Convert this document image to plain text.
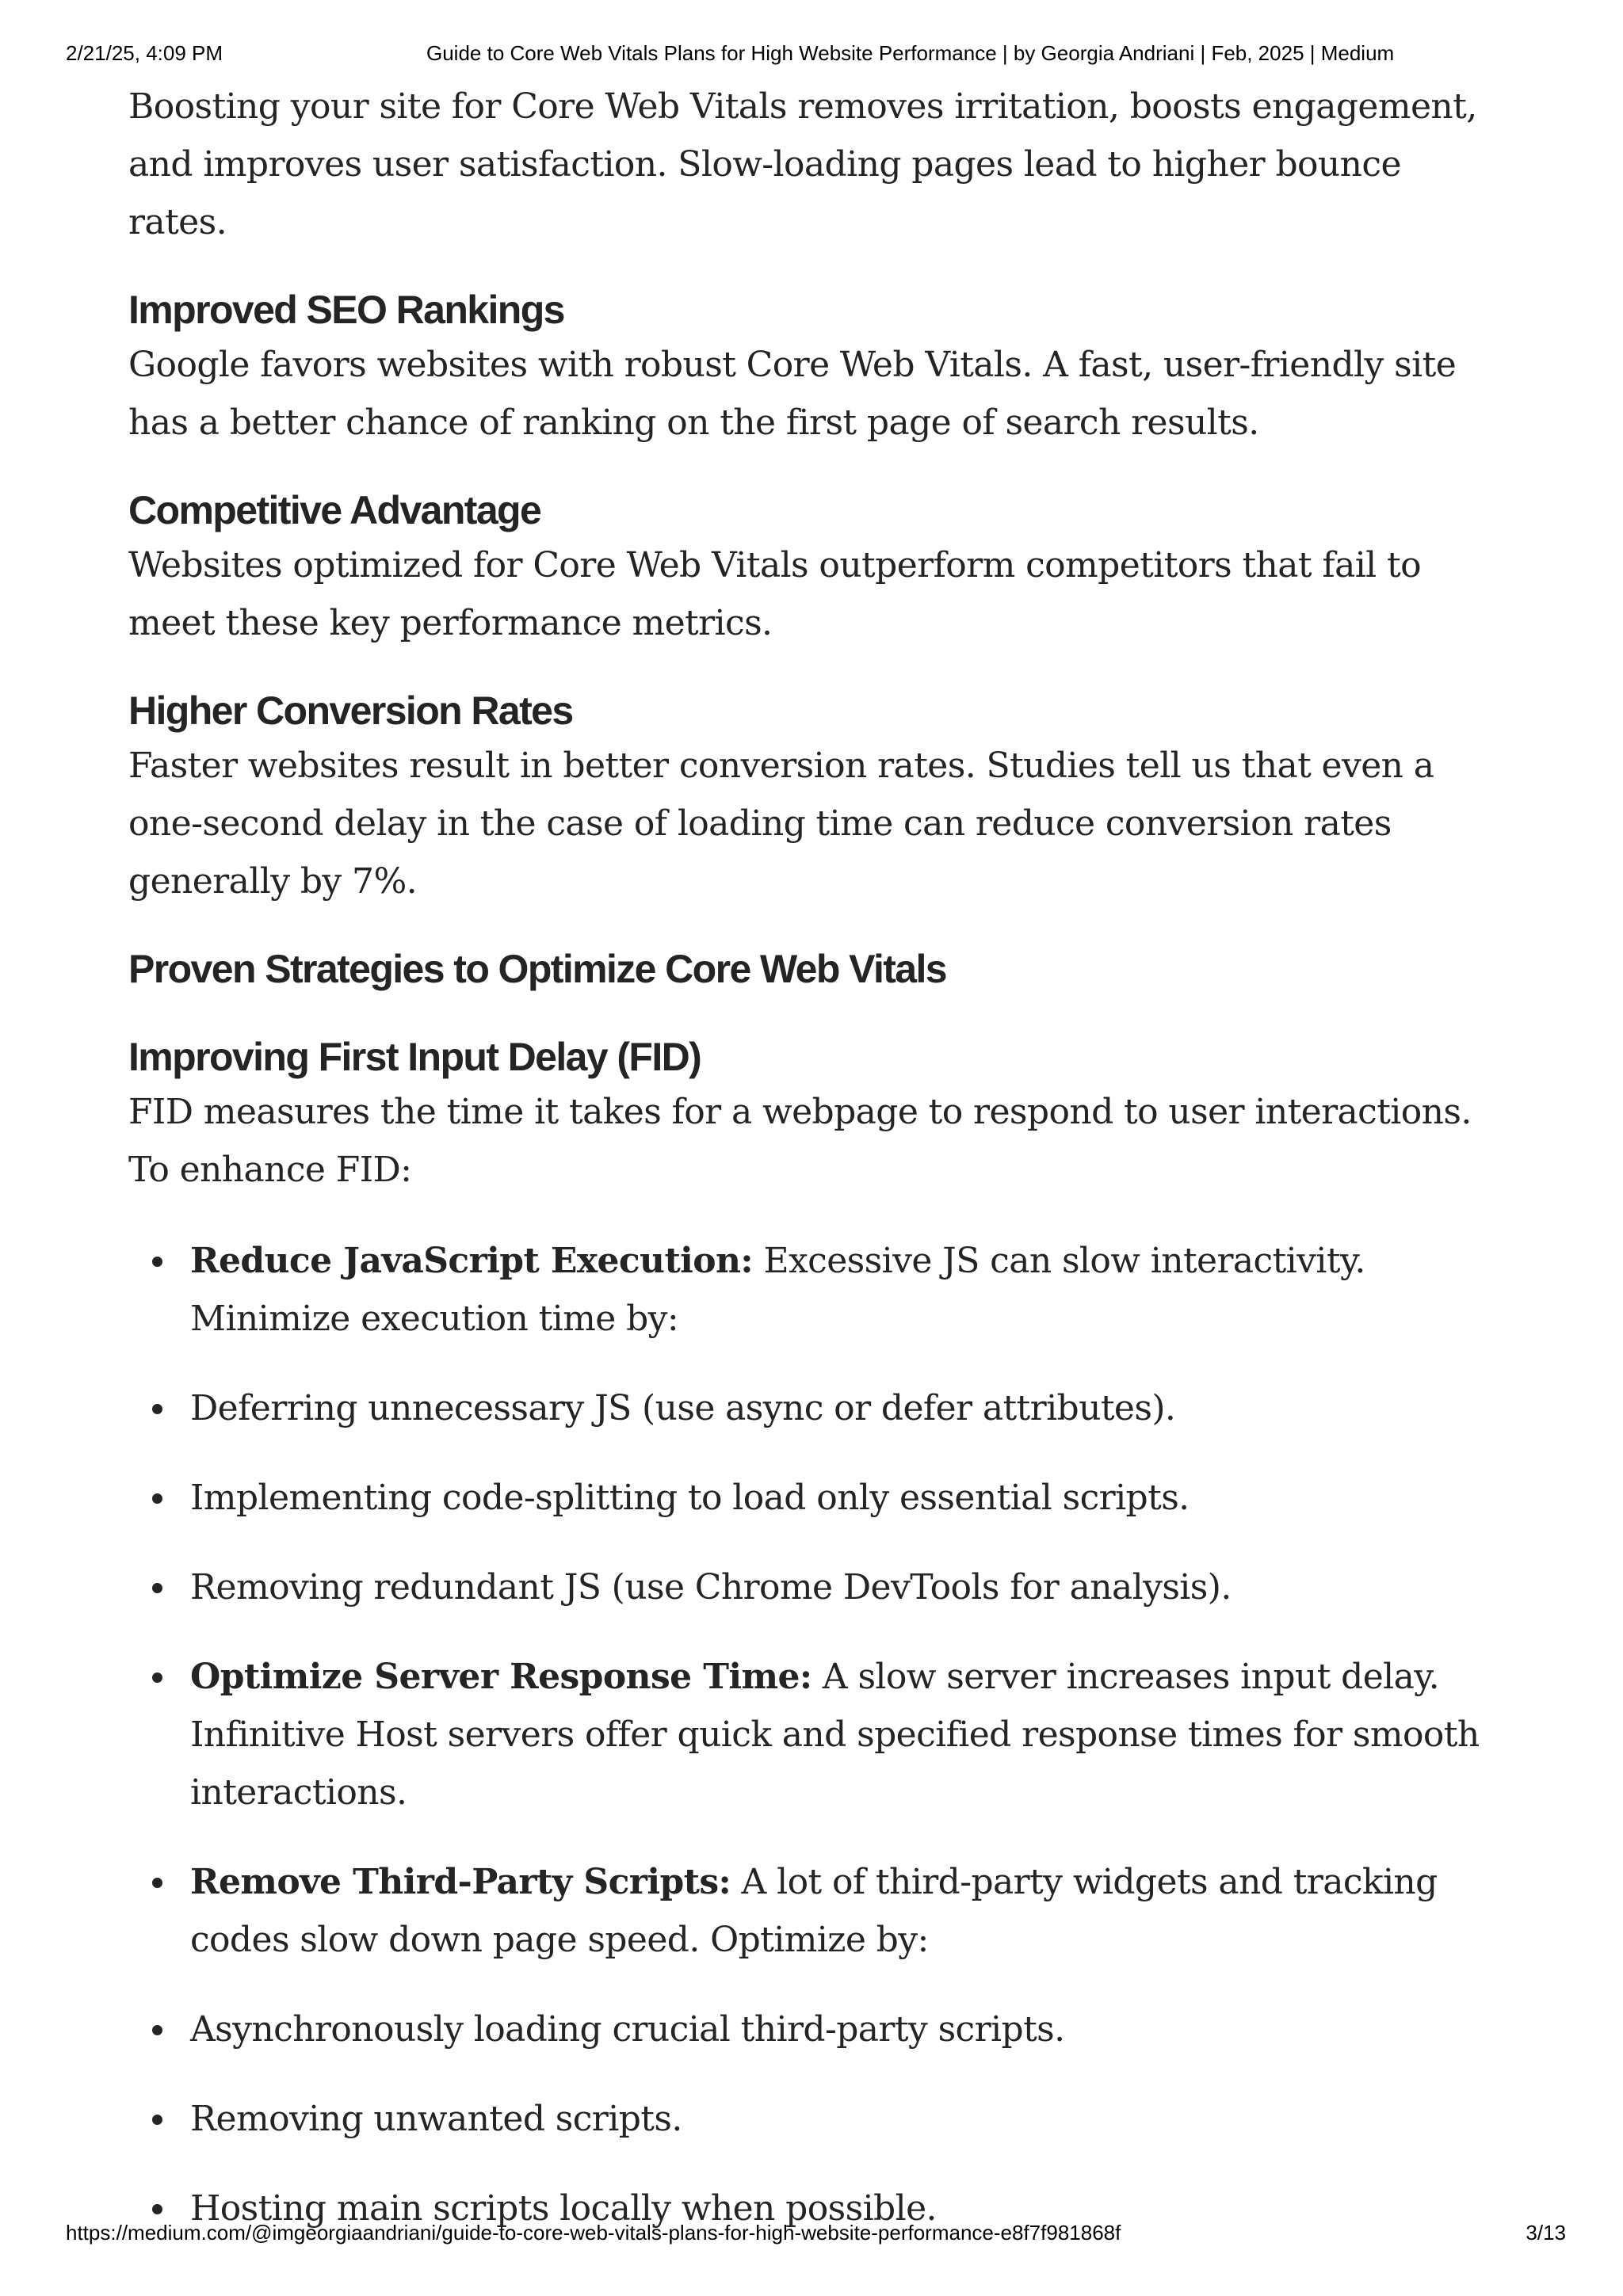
2/21/25, 4:09 PM	Guide to Core Web Vitals Plans for High Website Performance | by Georgia Andriani | Feb, 2025 | Medium

Boosting your site for Core Web Vitals removes irritation, boosts engagement, and improves user satisfaction. Slow-loading pages lead to higher bounce rates.

Improved SEO Rankings

Google favors websites with robust Core Web Vitals. A fast, user-friendly site has a better chance of ranking on the first page of search results.

Competitive Advantage

Websites optimized for Core Web Vitals outperform competitors that fail to meet these key performance metrics.

Higher Conversion Rates

Faster websites result in better conversion rates. Studies tell us that even a one-second delay in the case of loading time can reduce conversion rates generally by 7%.

Proven Strategies to Optimize Core Web Vitals
Improving First Input Delay (FID)

FID measures the time it takes for a webpage to respond to user interactions. To enhance FID:

Reduce JavaScript Execution: Excessive JS can slow interactivity. Minimize execution time by:
Deferring unnecessary JS (use async or defer attributes).
Implementing code-splitting to load only essential scripts.
Removing redundant JS (use Chrome DevTools for analysis).
Optimize Server Response Time: A slow server increases input delay. Infinitive Host servers offer quick and specified response times for smooth interactions.
Remove Third-Party Scripts: A lot of third-party widgets and tracking codes slow down page speed. Optimize by:
Asynchronously loading crucial third-party scripts.
Removing unwanted scripts.
Hosting main scripts locally when possible.
https://medium.com/@imgeorgiaandriani/guide-to-core-web-vitals-plans-for-high-website-performance-e8f7f981868f	3/13
